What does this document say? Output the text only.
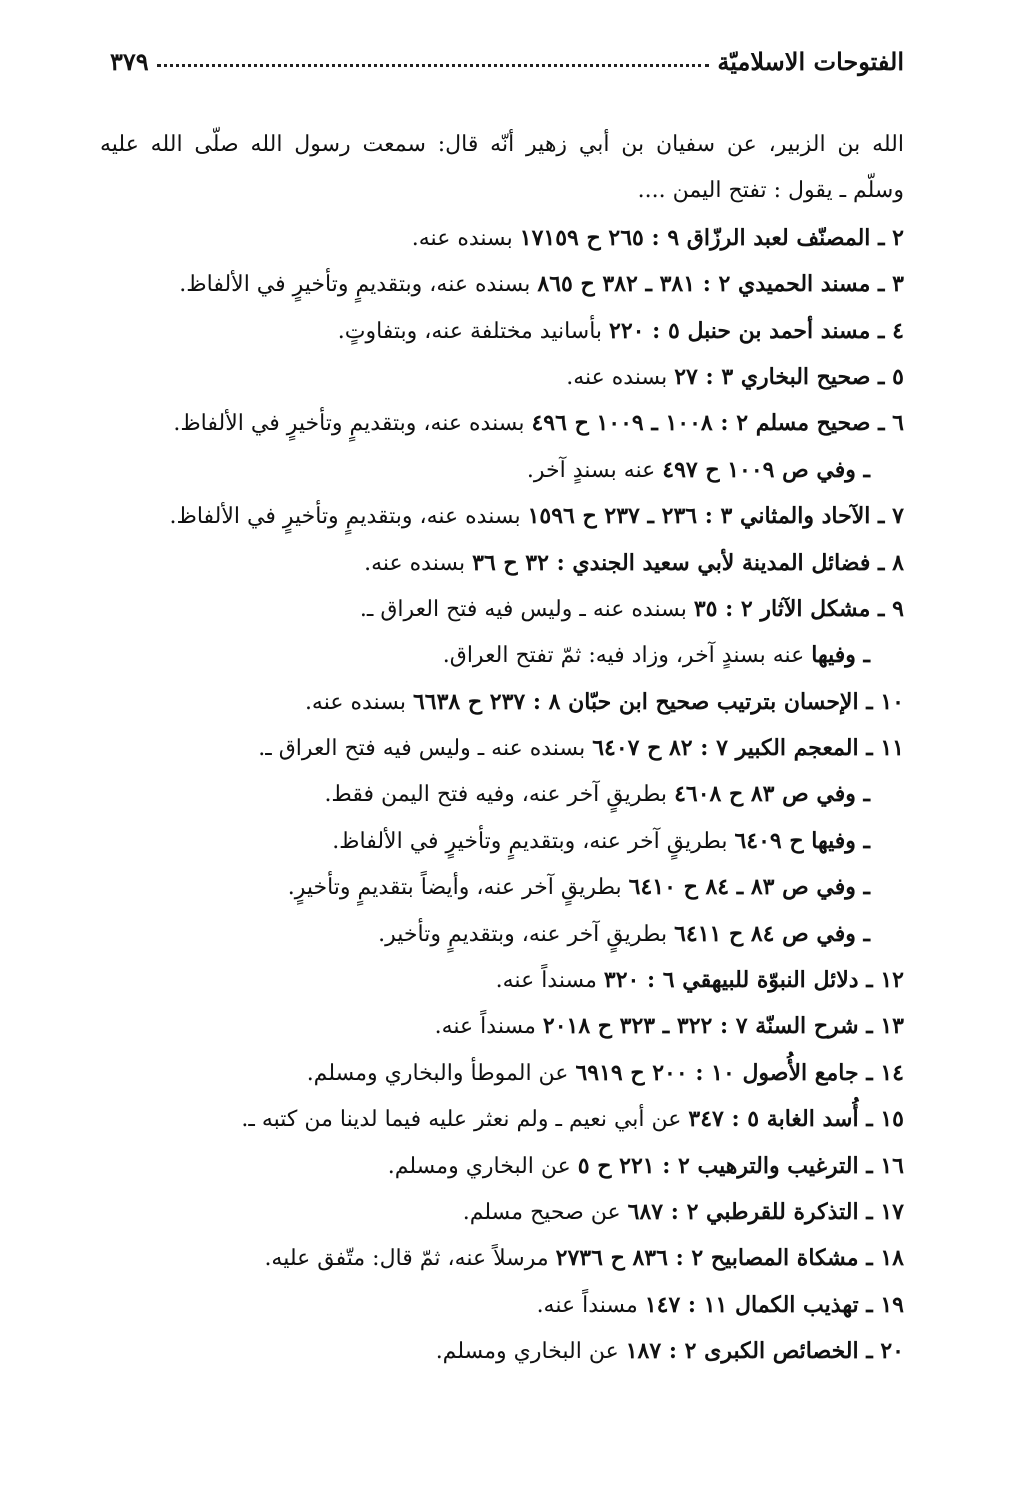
الفتوحات الاسلاميّة
٣٧٩
الله بن الزبير، عن سفيان بن أبي زهير أنّه قال: سمعت رسول الله صلّى الله عليه
وسلّم ـ يقول : تفتح اليمن ....
٢ ـ المصنّف لعبد الرزّاق ٩ : ٢٦٥ ح ١٧١٥٩ بسنده عنه.
٣ ـ مسند الحميدي ٢ : ٣٨١ ـ ٣٨٢ ح ٨٦٥ بسنده عنه، وبتقديمٍ وتأخيرٍ في الألفاظ.
٤ ـ مسند أحمد بن حنبل ٥ : ٢٢٠ بأسانيد مختلفة عنه، وبتفاوتٍ.
٥ ـ صحيح البخاري ٣ : ٢٧ بسنده عنه.
٦ ـ صحيح مسلم ٢ : ١٠٠٨ ـ ١٠٠٩ ح ٤٩٦ بسنده عنه، وبتقديمٍ وتأخيرٍ في الألفاظ.
ـ وفي ص ١٠٠٩ ح ٤٩٧ عنه بسندٍ آخر.
٧ ـ الآحاد والمثاني ٣ : ٢٣٦ ـ ٢٣٧ ح ١٥٩٦ بسنده عنه، وبتقديمٍ وتأخيرٍ في الألفاظ.
٨ ـ فضائل المدينة لأبي سعيد الجندي : ٣٢ ح ٣٦ بسنده عنه.
٩ ـ مشكل الآثار ٢ : ٣٥ بسنده عنه ـ وليس فيه فتح العراق ـ.
ـ وفيها عنه بسندٍ آخر، وزاد فيه: ثمّ تفتح العراق.
١٠ ـ الإحسان بترتيب صحيح ابن حبّان ٨ : ٢٣٧ ح ٦٦٣٨ بسنده عنه.
١١ ـ المعجم الكبير ٧ : ٨٢ ح ٦٤٠٧ بسنده عنه ـ وليس فيه فتح العراق ـ.
ـ وفي ص ٨٣ ح ٤٦٠٨ بطريقٍ آخر عنه، وفيه فتح اليمن فقط.
ـ وفيها ح ٦٤٠٩ بطريقٍ آخر عنه، وبتقديمٍ وتأخيرٍ في الألفاظ.
ـ وفي ص ٨٣ ـ ٨٤ ح ٦٤١٠ بطريقٍ آخر عنه، وأيضاً بتقديمٍ وتأخيرٍ.
ـ وفي ص ٨٤ ح ٦٤١١ بطريقٍ آخر عنه، وبتقديمٍ وتأخير.
١٢ ـ دلائل النبوّة للبيهقي ٦ : ٣٢٠ مسنداً عنه.
١٣ ـ شرح السنّة ٧ : ٣٢٢ ـ ٣٢٣ ح ٢٠١٨ مسنداً عنه.
١٤ ـ جامع الأُصول ١٠ : ٢٠٠ ح ٦٩١٩ عن الموطأ والبخاري ومسلم.
١٥ ـ أُسد الغابة ٥ : ٣٤٧ عن أبي نعيم ـ ولم نعثر عليه فيما لدينا من كتبه ـ.
١٦ ـ الترغيب والترهيب ٢ : ٢٢١ ح ٥ عن البخاري ومسلم.
١٧ ـ التذكرة للقرطبي ٢ : ٦٨٧ عن صحيح مسلم.
١٨ ـ مشكاة المصابيح ٢ : ٨٣٦ ح ٢٧٣٦ مرسلاً عنه، ثمّ قال: متّفق عليه.
١٩ ـ تهذيب الكمال ١١ : ١٤٧ مسنداً عنه.
٢٠ ـ الخصائص الكبرى ٢ : ١٨٧ عن البخاري ومسلم.
